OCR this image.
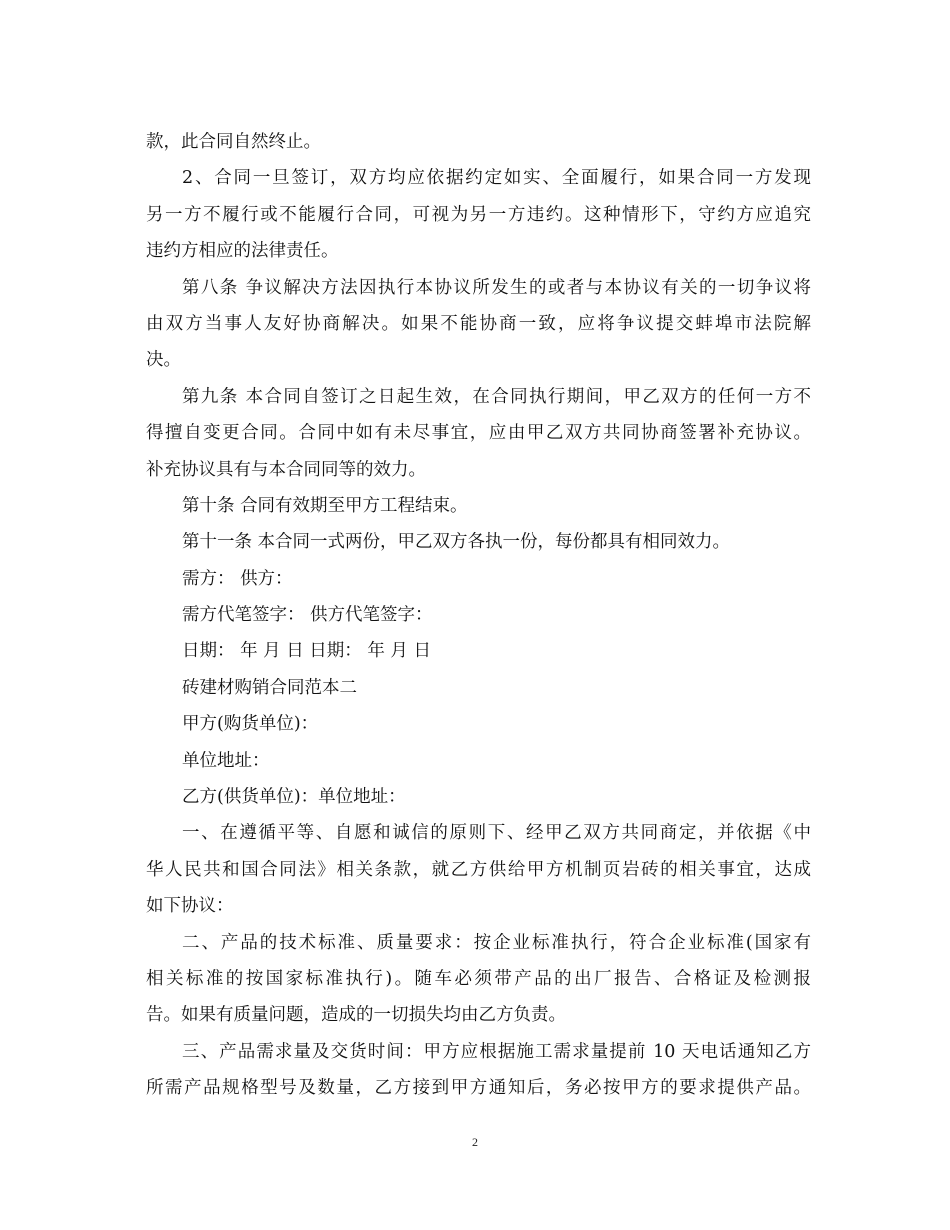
款，此合同自然终止。
2、合同一旦签订，双方均应依据约定如实、全面履行，如果合同一方发现
另一方不履行或不能履行合同，可视为另一方违约。这种情形下，守约方应追究
违约方相应的法律责任。
第八条 争议解决方法因执行本协议所发生的或者与本协议有关的一切争议将
由双方当事人友好协商解决。如果不能协商一致，应将争议提交蚌埠市法院解
决。
第九条 本合同自签订之日起生效，在合同执行期间，甲乙双方的任何一方不
得擅自变更合同。合同中如有未尽事宜，应由甲乙双方共同协商签署补充协议。
补充协议具有与本合同同等的效力。
第十条 合同有效期至甲方工程结束。
第十一条 本合同一式两份，甲乙双方各执一份，每份都具有相同效力。
需方： 供方：
需方代笔签字： 供方代笔签字：
日期： 年 月 日 日期： 年 月 日
砖建材购销合同范本二
甲方(购货单位)：
单位地址：
乙方(供货单位)：单位地址：
一、在遵循平等、自愿和诚信的原则下、经甲乙双方共同商定，并依据《中
华人民共和国合同法》相关条款，就乙方供给甲方机制页岩砖的相关事宜，达成
如下协议：
二、产品的技术标准、质量要求：按企业标准执行，符合企业标准(国家有
相关标准的按国家标准执行)。随车必须带产品的出厂报告、合格证及检测报
告。如果有质量问题，造成的一切损失均由乙方负责。
三、产品需求量及交货时间：甲方应根据施工需求量提前 10 天电话通知乙方
所需产品规格型号及数量，乙方接到甲方通知后，务必按甲方的要求提供产品。
2
